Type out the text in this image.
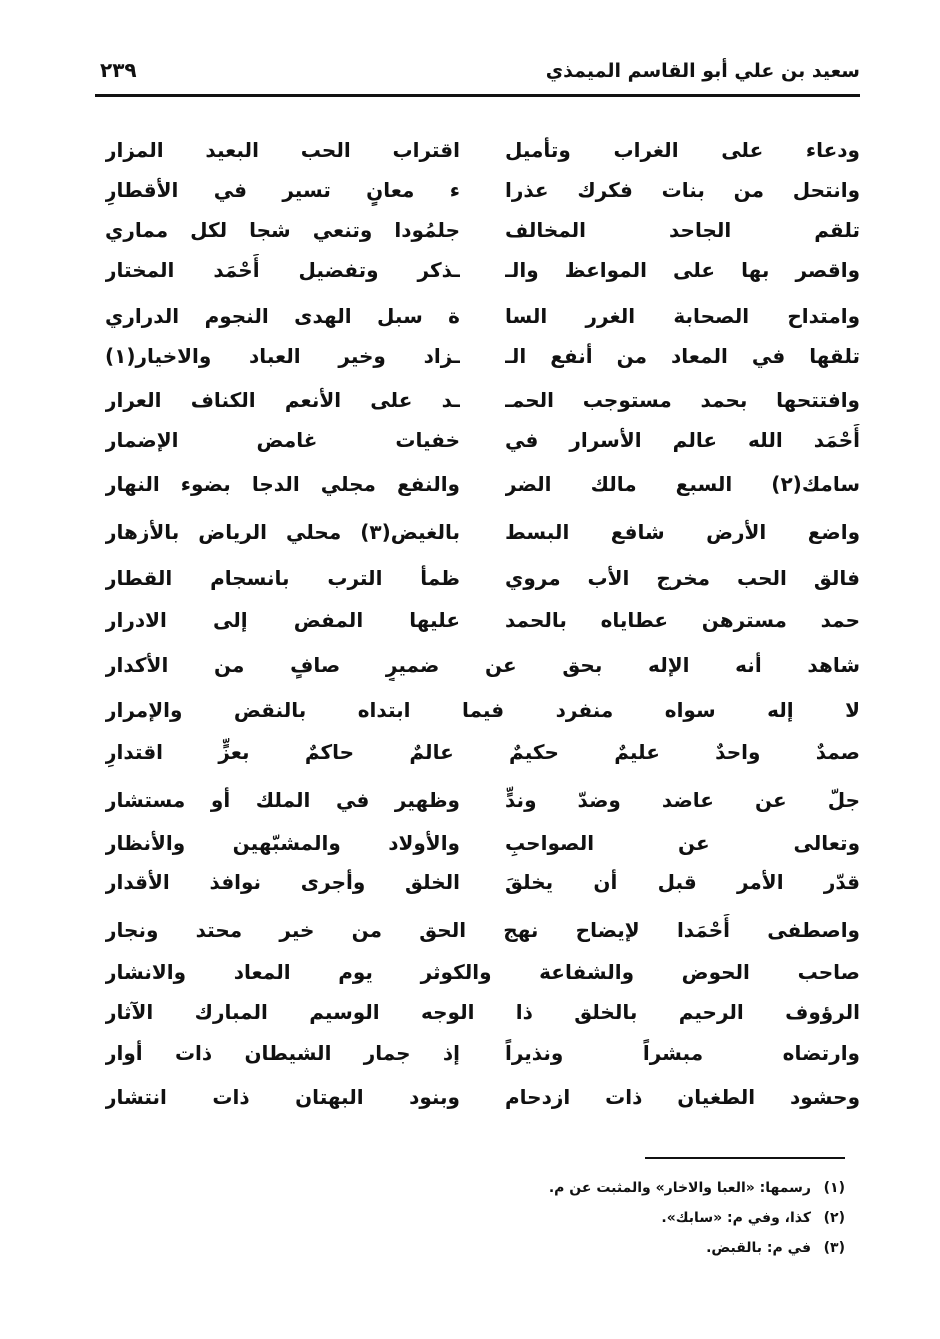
سعيد بن علي أبو القاسم الميمذي
٢٣٩
ودعاء على الغراب وتأميل
اقتراب الحب البعيد المزار
وانتحل من بنات فكرك عذرا
ء معانٍ تسير في الأقطارِ
تلقم الجاحد المخالف
جلمُودا وتنعي شجا لكل مماري
واقصر بها على المواعظ والـ
ـذكر وتفضيل أَحْمَد المختار
وامتداح الصحابة الغرر السا
ة سبل الهدى النجوم الدراري
تلقها في المعاد من أنفع الـ
ـزاد وخير العباد والاخيار(١)
وافتتحها بحمد مستوجب الحمـ
ـد على الأنعم الكناف العرار
أَحْمَد الله عالم الأسرار في
خفيات غامض الإضمار
سامك(٢) السبع مالك الضر
والنفع مجلي الدجا بضوء النهار
واضع الأرض شافع البسط
بالغيض(٣) محلي الرياض بالأزهار
فالق الحب مخرج الأب مروي
ظمأ الترب بانسجام القطار
حمد مسترهن عطاياه بالحمد
عليها المفض إلى الادرار
شاهد أنه الإله بحق عن ضميرٍ صافٍ من الأكدار
لا إله سواه منفرد فيما ابتداه بالنقض والإمرار
صمدٌ واحدٌ عليمٌ حكيمٌ عالمٌ حاكمٌ بعزٍّ اقتدارِ
جلّ عن عاضد وضدّ وندٍّ
وظهير في الملك أو مستشار
وتعالى عن الصواحبِ
والأولاد والمشبّهين والأنظار
قدّر الأمر قبل أن يخلقَ
الخلق وأجرى نوافذ الأقدار
واصطفى أَحْمَدا لإيضاح نهج الحق من خير محتد ونجار
صاحب الحوض والشفاعة والكوثر يوم المعاد والانشار
الرؤوف الرحيم بالخلق ذا الوجه الوسيم المبارك الآثار
وارتضاه مبشراً ونذيراً
إذ جمار الشيطان ذات أوار
وحشود الطغيان ذات ازدحام
وبنود البهتان ذات انتشار
(١)رسمها: «العبا والاخار» والمثبت عن م.
(٢)كذا، وفي م: «سابك».
(٣)في م: بالقبض.
